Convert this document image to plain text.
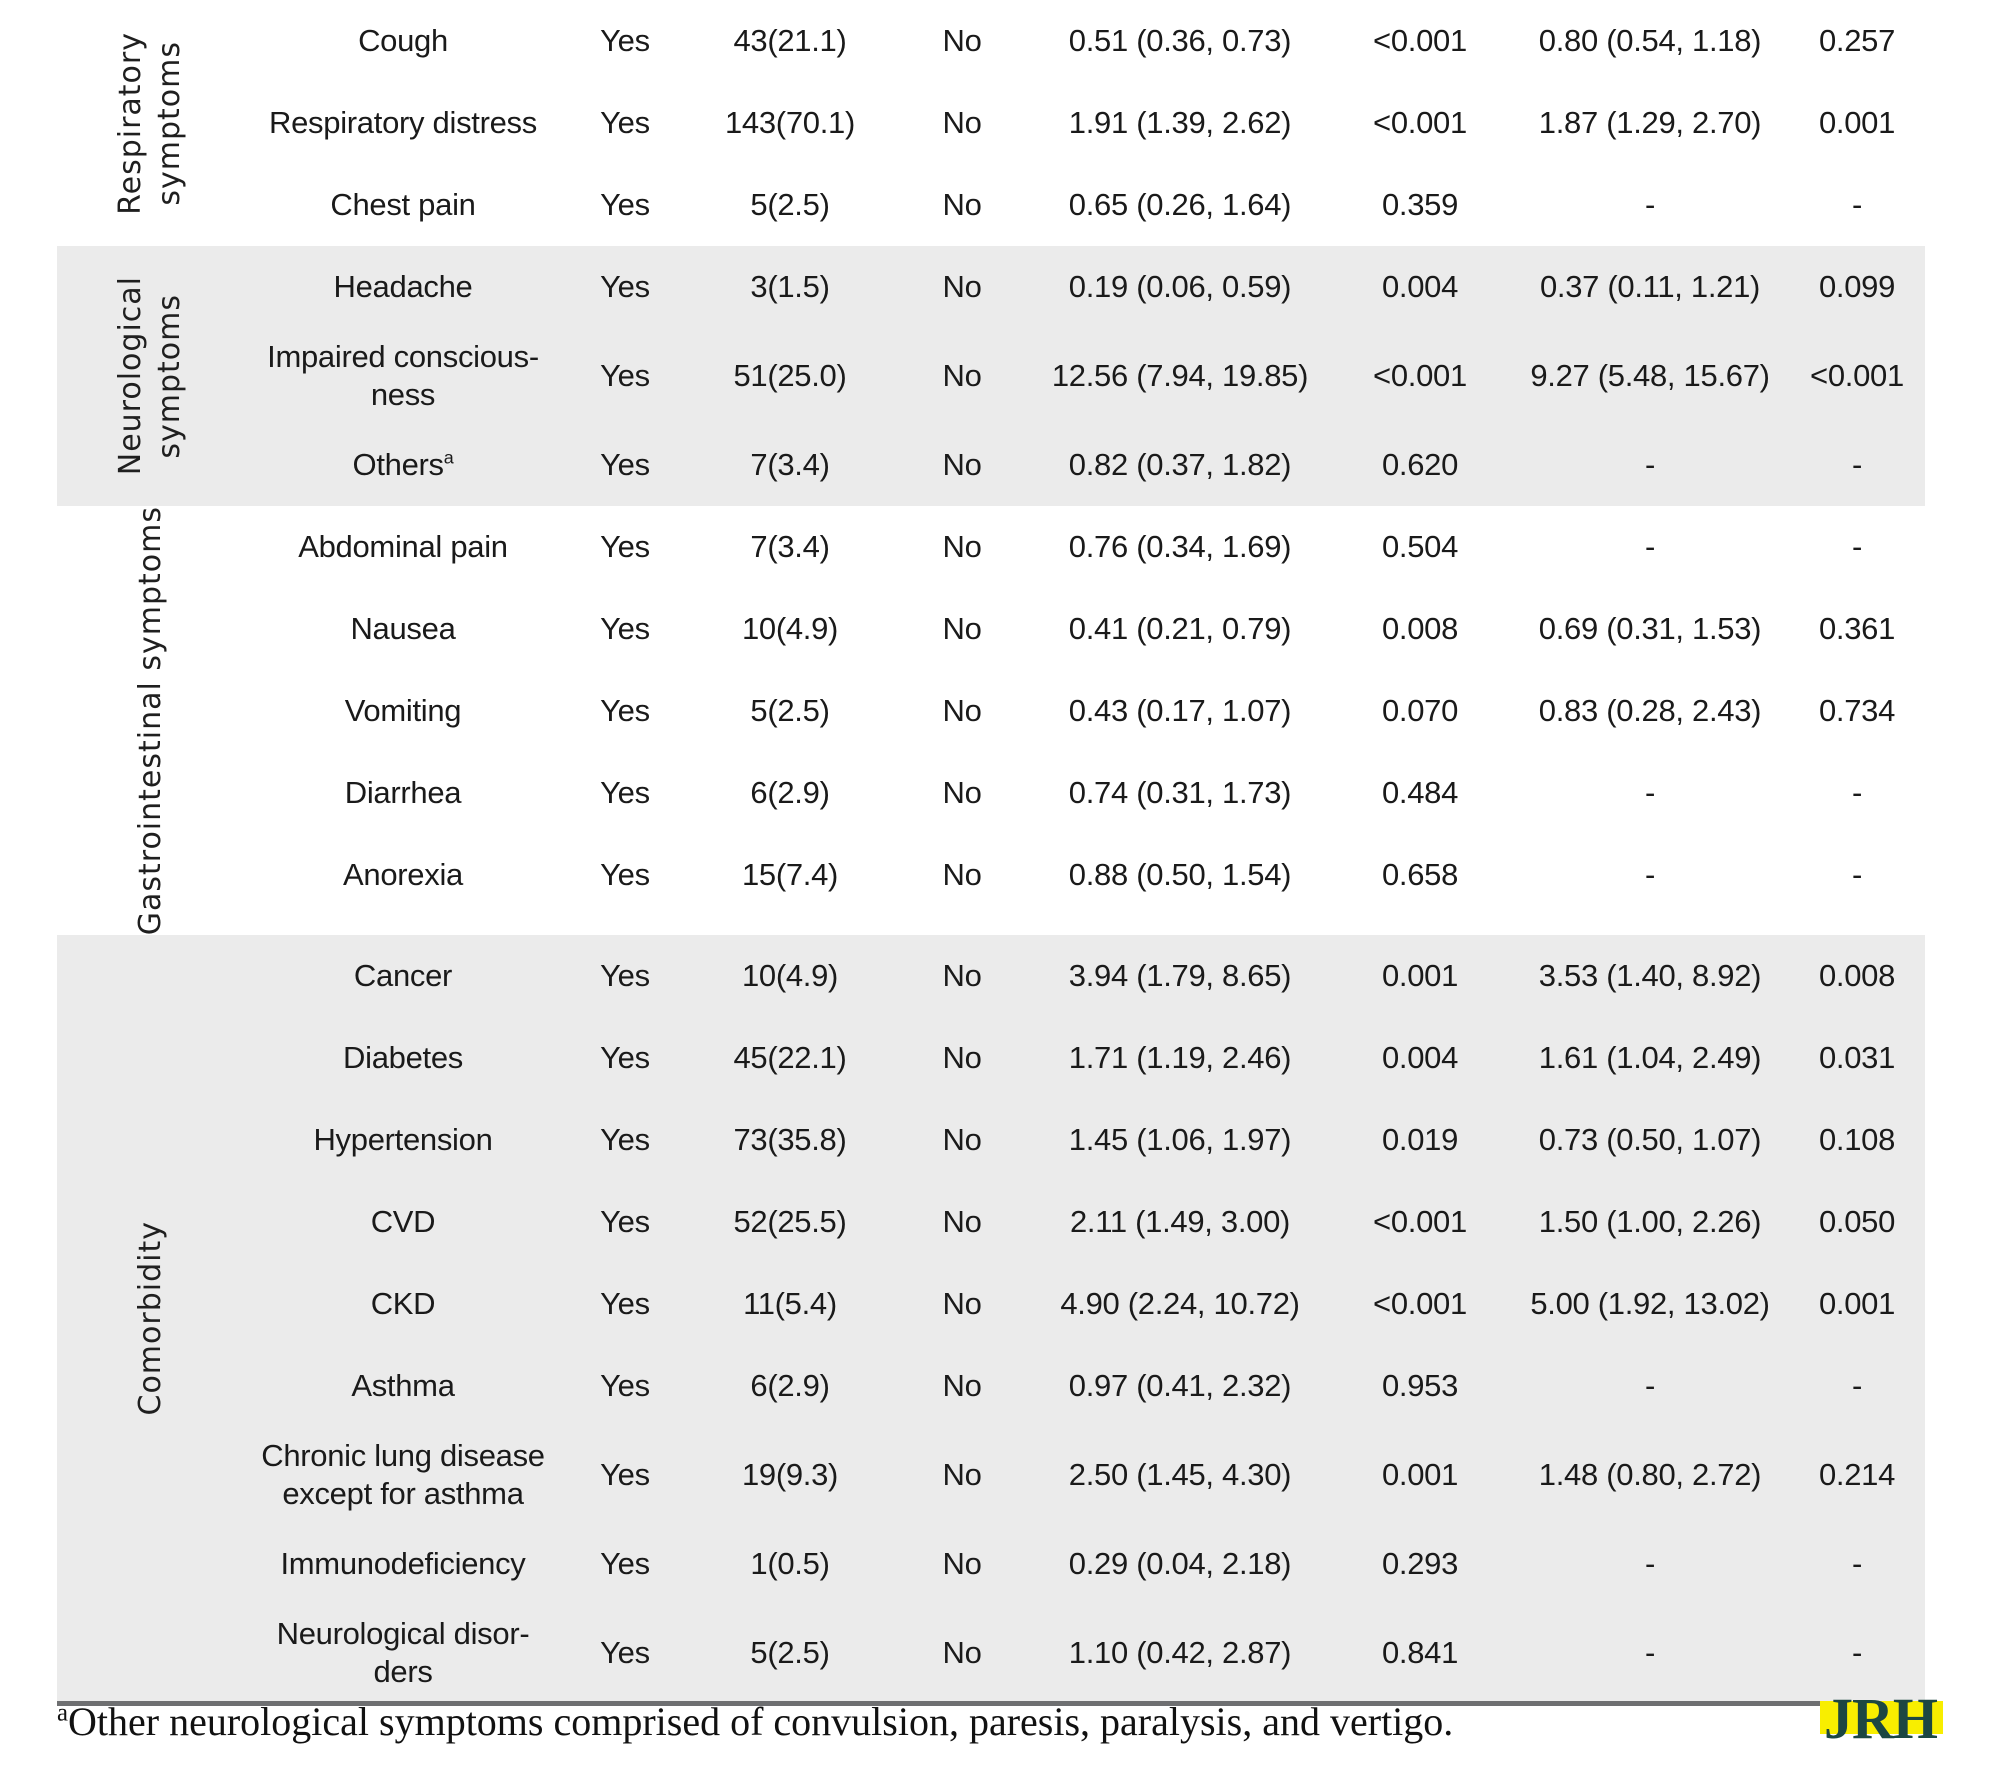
Respiratory symptoms
Cough	Yes	43(21.1)	No	0.51 (0.36, 0.73)	<0.001	0.80 (0.54, 1.18)	0.257
Respiratory distress	Yes	143(70.1)	No	1.91 (1.39, 2.62)	<0.001	1.87 (1.29, 2.70)	0.001
Chest pain	Yes	5(2.5)	No	0.65 (0.26, 1.64)	0.359	-	-
Neurological symptoms
Headache	Yes	3(1.5)	No	0.19 (0.06, 0.59)	0.004	0.37 (0.11, 1.21)	0.099
Impaired conscious-
ness
Yes	51(25.0)	No	12.56 (7.94, 19.85)	<0.001	9.27 (5.48, 15.67)	<0.001
Others$^a$	Yes	7(3.4)	No	0.82 (0.37, 1.82)	0.620	-	-
Gastrointestinal symptoms	Abdominal pain	Yes	7(3.4)	No	0.76 (0.34, 1.69)	0.504	-	-
Nausea	Yes	10(4.9)	No	0.41 (0.21, 0.79)	0.008	0.69 (0.31, 1.53)	0.361
Vomiting	Yes	5(2.5)	No	0.43 (0.17, 1.07)	0.070	0.83 (0.28, 2.43)	0.734
Diarrhea	Yes	6(2.9)	No	0.74 (0.31, 1.73)	0.484	-	-
Anorexia	Yes	15(7.4)	No	0.88 (0.50, 1.54)	0.658	-	-
Comorbidity
Cancer	Yes	10(4.9)	No	3.94 (1.79, 8.65)	0.001	3.53 (1.40, 8.92)	0.008
Diabetes	Yes	45(22.1)	No	1.71 (1.19, 2.46)	0.004	1.61 (1.04, 2.49)	0.031
Hypertension	Yes	73(35.8)	No	1.45 (1.06, 1.97)	0.019	0.73 (0.50, 1.07)	0.108
CVD	Yes	52(25.5)	No	2.11 (1.49, 3.00)	<0.001	1.50 (1.00, 2.26)	0.050
CKD	Yes	11(5.4)	No	4.90 (2.24, 10.72)	<0.001	5.00 (1.92, 13.02)	0.001
Asthma	Yes	6(2.9)	No	0.97 (0.41, 2.32)	0.953	-	-
Chronic lung disease
except for asthma
Yes	19(9.3)	No	2.50 (1.45, 4.30)	0.001	1.48 (0.80, 2.72)	0.214
Immunodeficiency	Yes	1(0.5)	No	0.29 (0.04, 2.18)	0.293	-	-
Neurological disor-
ders
Yes	5(2.5)	No	1.10 (0.42, 2.87)	0.841	-	-
$^a$Other neurological symptoms comprised of convulsion, paresis, paralysis, and vertigo.	JRH
